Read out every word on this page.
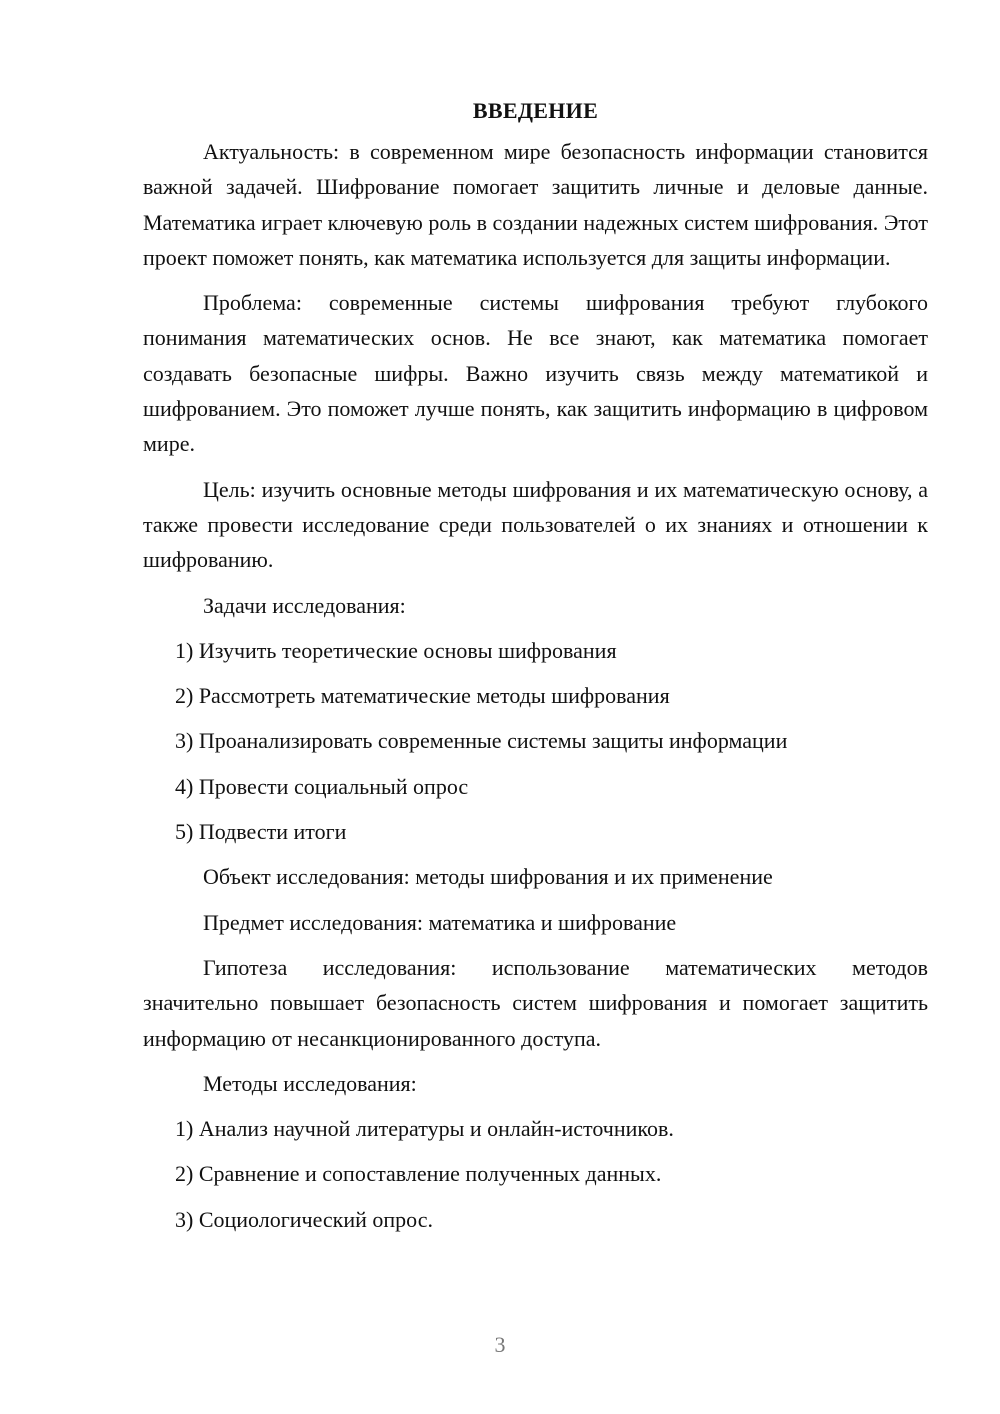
ВВЕДЕНИЕ

Актуальность: в современном мире безопасность информации становится важной задачей. Шифрование помогает защитить личные и деловые данные. Математика играет ключевую роль в создании надежных систем шифрования. Этот проект поможет понять, как математика используется для защиты информации.

Проблема: современные системы шифрования требуют глубокого понимания математических основ. Не все знают, как математика помогает создавать безопасные шифры. Важно изучить связь между математикой и шифрованием. Это поможет лучше понять, как защитить информацию в цифровом мире.

Цель: изучить основные методы шифрования и их математическую основу, а также провести исследование среди пользователей о их знаниях и отношении к шифрованию.

Задачи исследования:
1) Изучить теоретические основы шифрования
2) Рассмотреть математические методы шифрования
3) Проанализировать современные системы защиты информации
4) Провести социальный опрос
5) Подвести итоги
Объект исследования: методы шифрования и их применение
Предмет исследования: математика и шифрование

Гипотеза исследования: использование математических методов значительно повышает безопасность систем шифрования и помогает защитить информацию от несанкционированного доступа.

Методы исследования:
1) Анализ научной литературы и онлайн-источников.
2) Сравнение и сопоставление полученных данных.
3) Социологический опрос.
3
